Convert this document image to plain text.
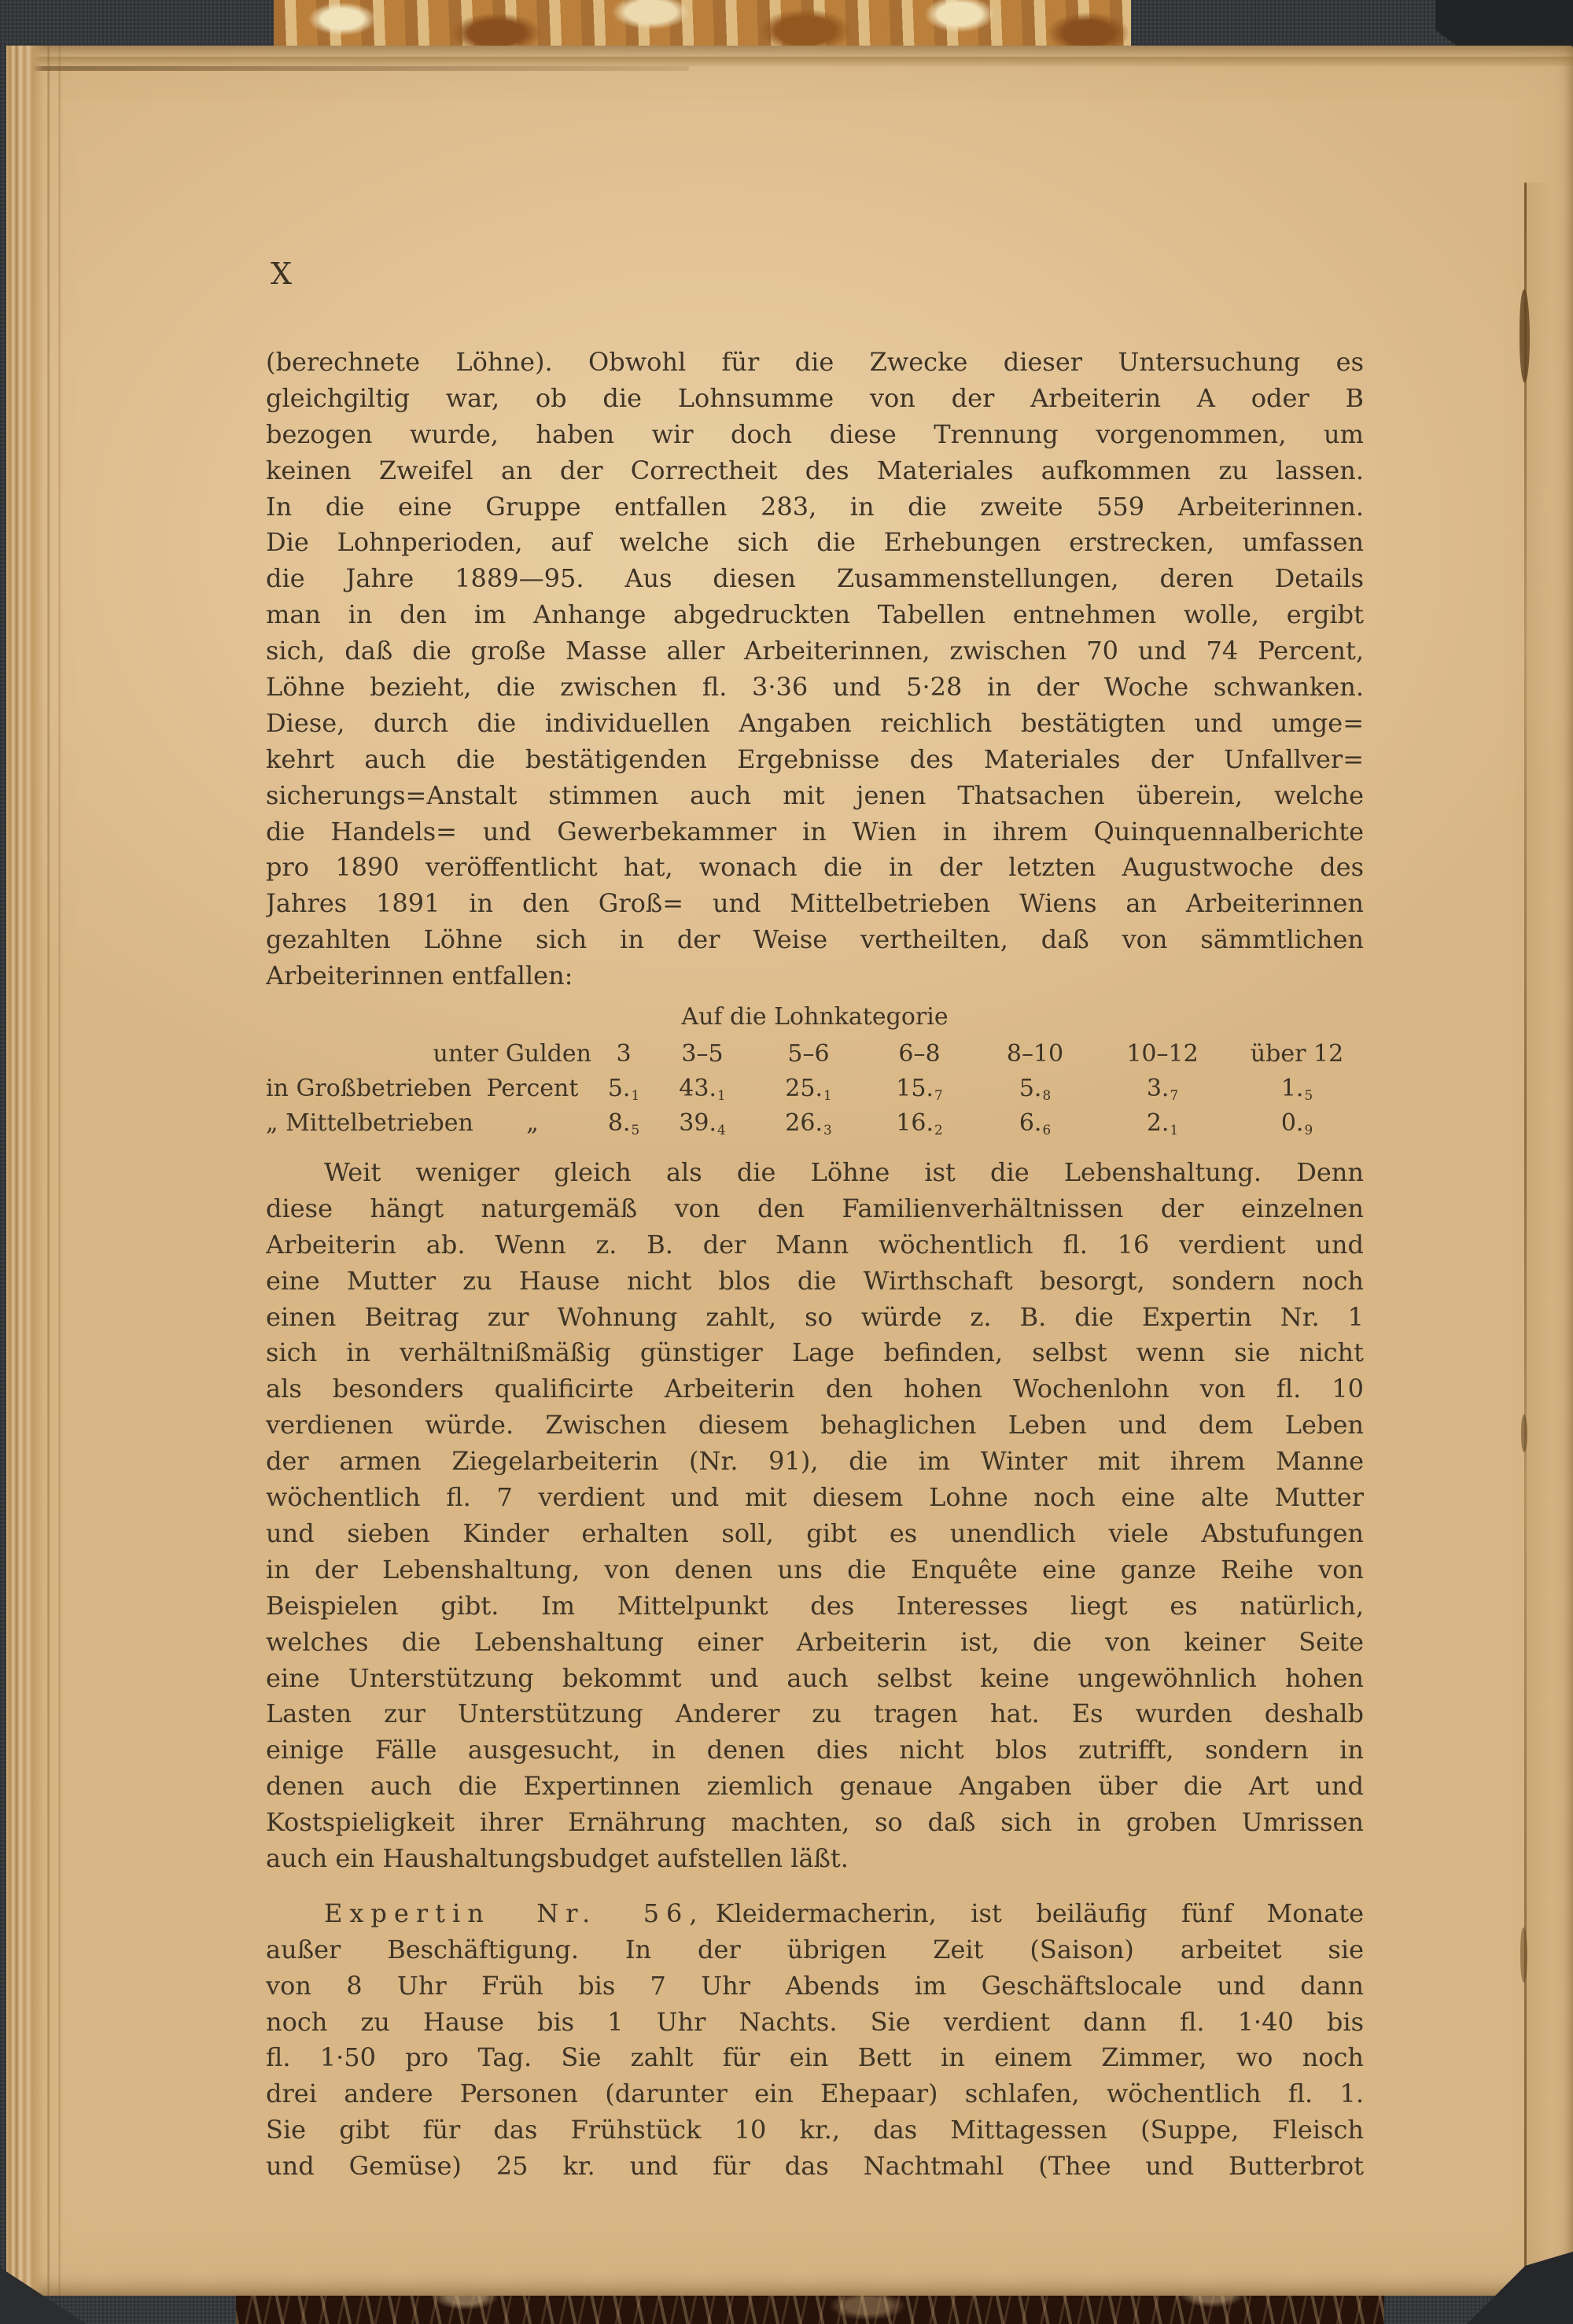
X
(berechnete Löhne). Obwohl für die Zwecke dieser Untersuchung es
gleichgiltig war, ob die Lohnsumme von der Arbeiterin A oder B
bezogen wurde, haben wir doch diese Trennung vorgenommen, um
keinen Zweifel an der Correctheit des Materiales aufkommen zu lassen.
In die eine Gruppe entfallen 283, in die zweite 559 Arbeiterinnen.
Die Lohnperioden, auf welche sich die Erhebungen erstrecken, umfassen
die Jahre 1889—95. Aus diesen Zusammenstellungen, deren Details
man in den im Anhange abgedruckten Tabellen entnehmen wolle, ergibt
sich, daß die große Masse aller Arbeiterinnen, zwischen 70 und 74 Percent,
Löhne bezieht, die zwischen fl. 3·36 und 5·28 in der Woche schwanken.
Diese, durch die individuellen Angaben reichlich bestätigten und umge=
kehrt auch die bestätigenden Ergebnisse des Materiales der Unfallver=
sicherungs=Anstalt stimmen auch mit jenen Thatsachen überein, welche
die Handels= und Gewerbekammer in Wien in ihrem Quinquennalberichte
pro 1890 veröffentlicht hat, wonach die in der letzten Augustwoche des
Jahres 1891 in den Groß= und Mittelbetrieben Wiens an Arbeiterinnen
gezahlten Löhne sich in der Weise vertheilten, daß von sämmtlichen
Arbeiterinnen entfallen:
Auf die Lohnkategorie
unter Gulden	3	3–5	5–6	6–8	8–10	10–12	über 12
in Großbetrieben Percent	$5._1$	$43._1$	$25._1$	$15._7$	$5._8$	$3._7$	$1._5$
„ Mittelbetrieben	„	$8._5$	$39._4$	$26._3$	$16._2$	$6._6$	$2._1$	$0._9$
Weit weniger gleich als die Löhne ist die Lebenshaltung. Denn
diese hängt naturgemäß von den Familienverhältnissen der einzelnen
Arbeiterin ab. Wenn z. B. der Mann wöchentlich fl. 16 verdient und
eine Mutter zu Hause nicht blos die Wirthschaft besorgt, sondern noch
einen Beitrag zur Wohnung zahlt, so würde z. B. die Expertin Nr. 1
sich in verhältnißmäßig günstiger Lage befinden, selbst wenn sie nicht
als besonders qualificirte Arbeiterin den hohen Wochenlohn von fl. 10
verdienen würde. Zwischen diesem behaglichen Leben und dem Leben
der armen Ziegelarbeiterin (Nr. 91), die im Winter mit ihrem Manne
wöchentlich fl. 7 verdient und mit diesem Lohne noch eine alte Mutter
und sieben Kinder erhalten soll, gibt es unendlich viele Abstufungen
in der Lebenshaltung, von denen uns die Enquête eine ganze Reihe von
Beispielen gibt. Im Mittelpunkt des Interesses liegt es natürlich,
welches die Lebenshaltung einer Arbeiterin ist, die von keiner Seite
eine Unterstützung bekommt und auch selbst keine ungewöhnlich hohen
Lasten zur Unterstützung Anderer zu tragen hat. Es wurden deshalb
einige Fälle ausgesucht, in denen dies nicht blos zutrifft, sondern in
denen auch die Expertinnen ziemlich genaue Angaben über die Art und
Kostspieligkeit ihrer Ernährung machten, so daß sich in groben Umrissen
auch ein Haushaltungsbudget aufstellen läßt.
Expertin Nr. 56, Kleidermacherin, ist beiläufig fünf Monate
außer Beschäftigung. In der übrigen Zeit (Saison) arbeitet sie
von 8 Uhr Früh bis 7 Uhr Abends im Geschäftslocale und dann
noch zu Hause bis 1 Uhr Nachts. Sie verdient dann fl. 1·40 bis
fl. 1·50 pro Tag. Sie zahlt für ein Bett in einem Zimmer, wo noch
drei andere Personen (darunter ein Ehepaar) schlafen, wöchentlich fl. 1.
Sie gibt für das Frühstück 10 kr., das Mittagessen (Suppe, Fleisch
und Gemüse) 25 kr. und für das Nachtmahl (Thee und Butterbrot
